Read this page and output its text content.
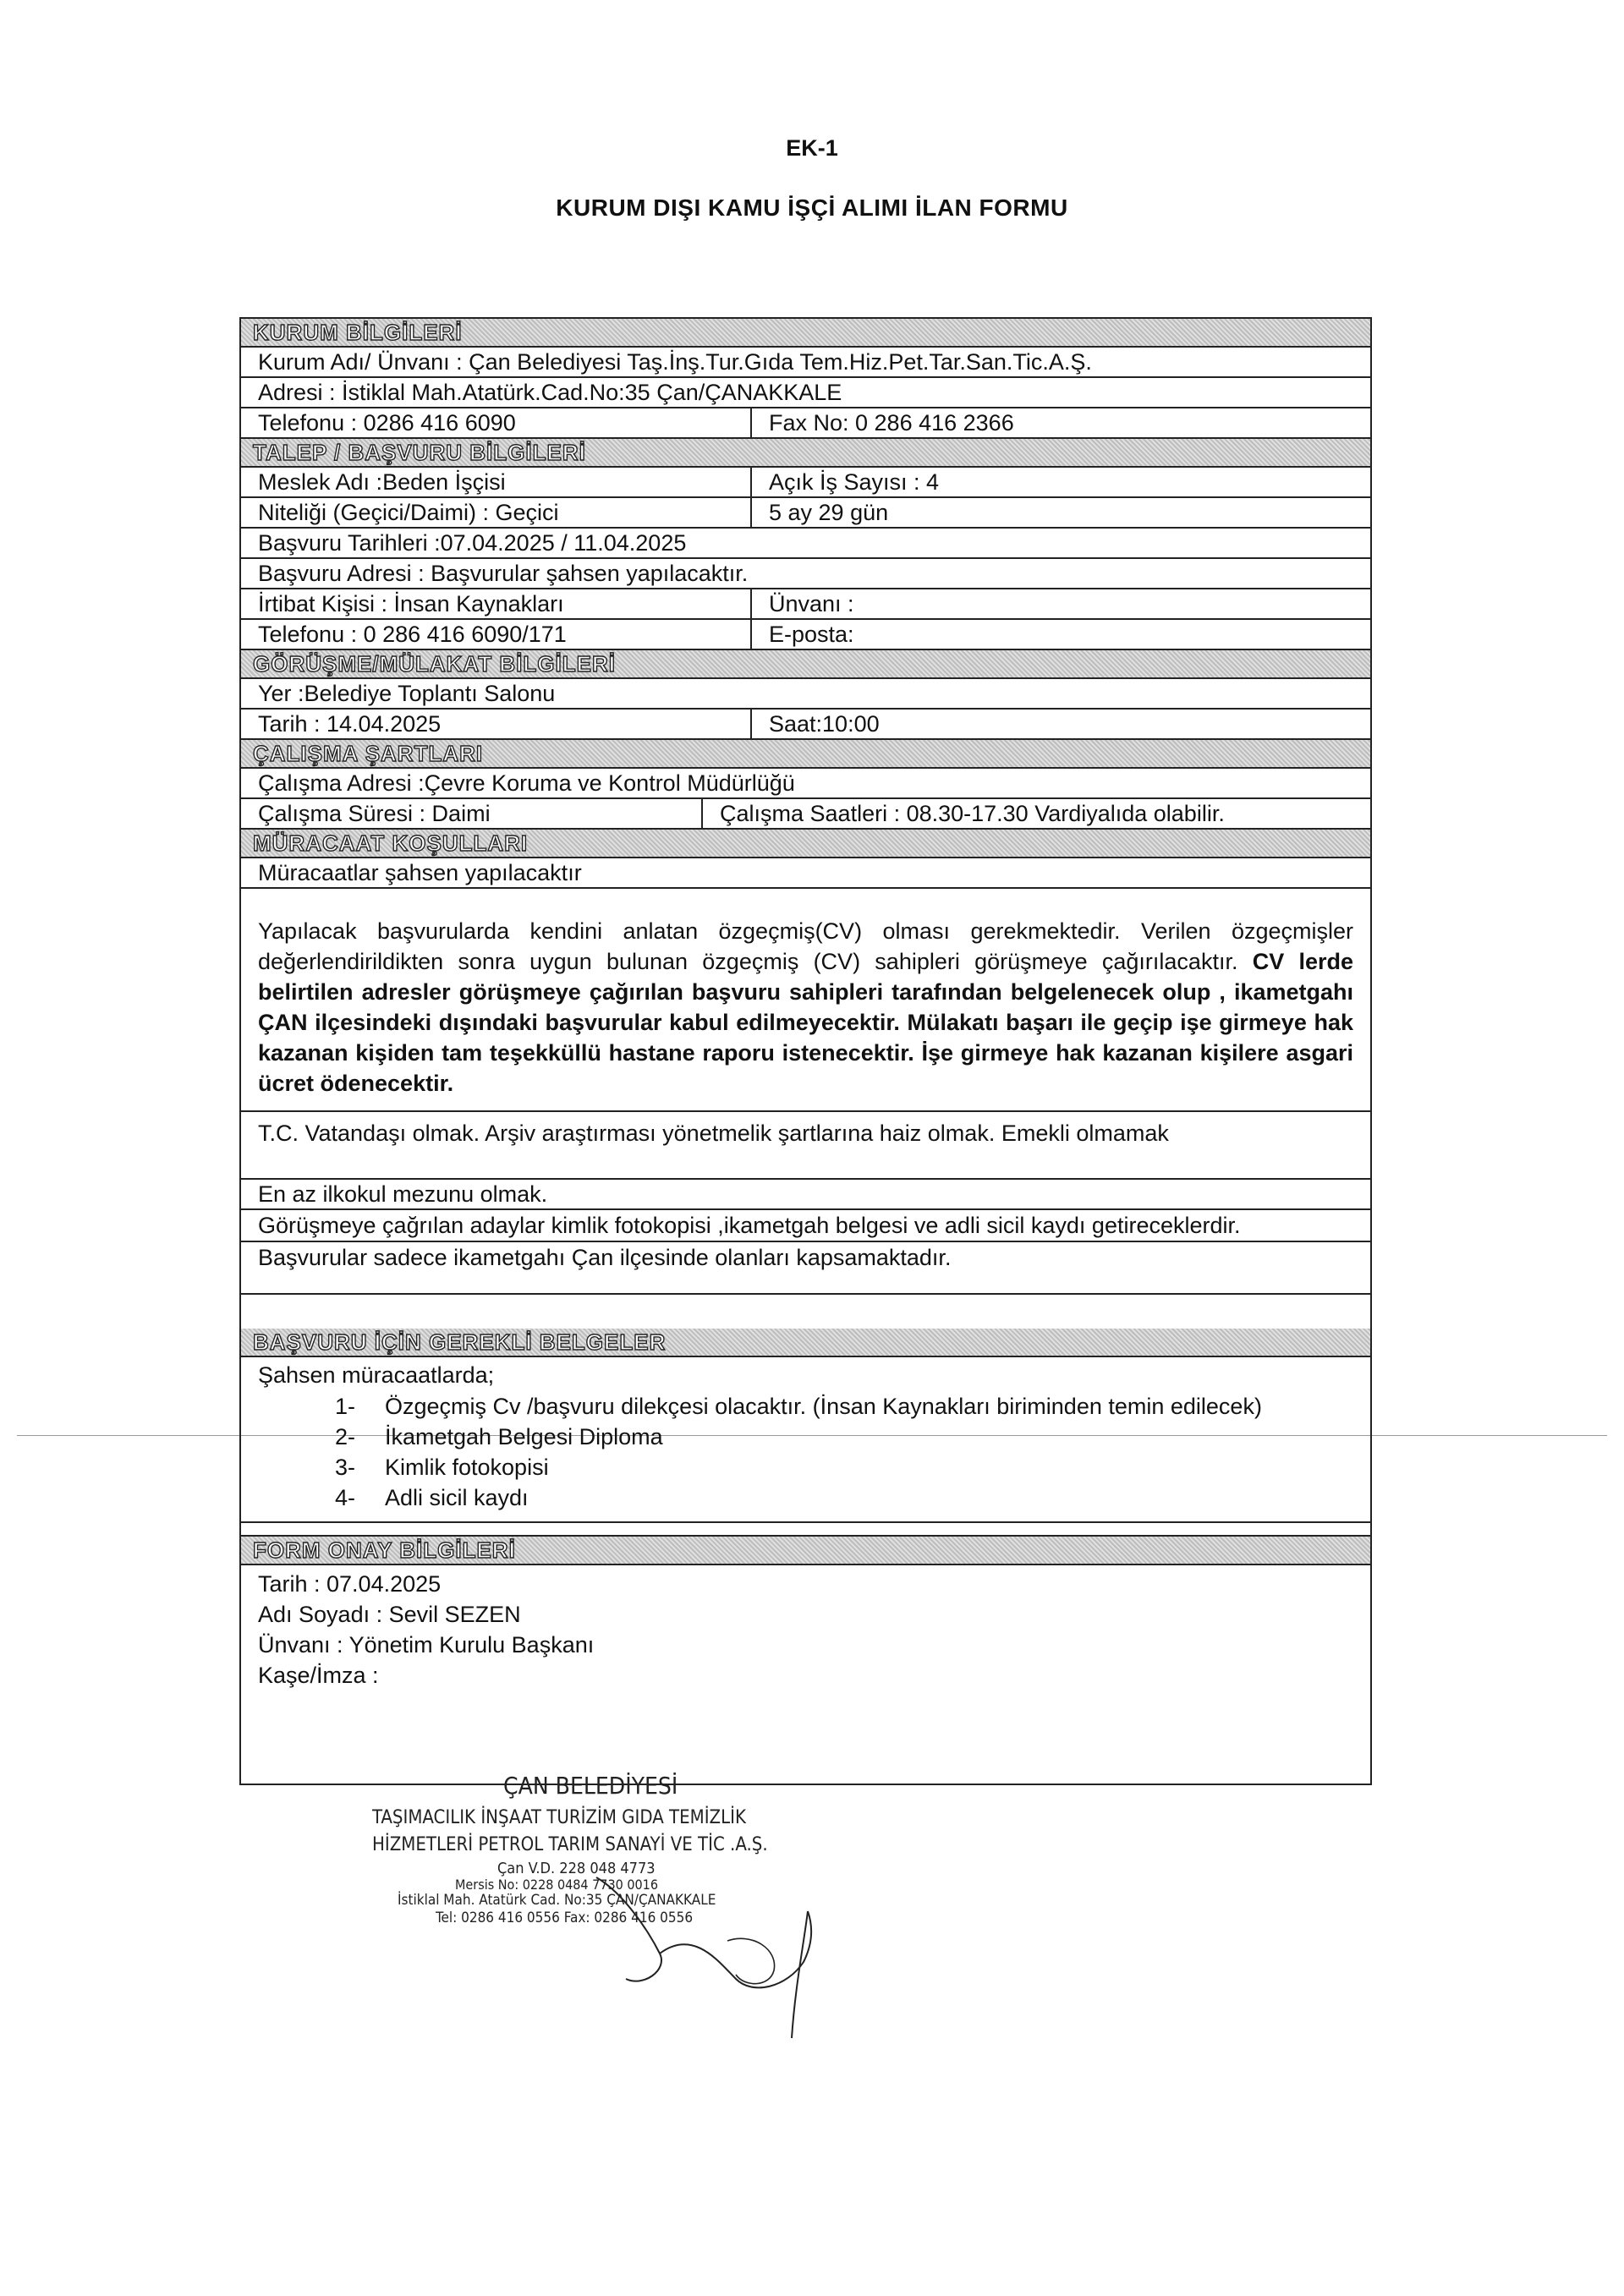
EK-1
KURUM DIŞI KAMU İŞÇİ ALIMI İLAN FORMU
KURUM BİLGİLERİ
Kurum Adı/ Ünvanı : Çan Belediyesi Taş.İnş.Tur.Gıda Tem.Hiz.Pet.Tar.San.Tic.A.Ş.
Adresi : İstiklal Mah.Atatürk.Cad.No:35 Çan/ÇANAKKALE
Telefonu : 0286 416 6090	Fax No: 0 286 416 2366
TALEP / BAŞVURU BİLGİLERİ
Meslek Adı :Beden İşçisi	Açık İş Sayısı : 4
Niteliği (Geçici/Daimi) : Geçici	5 ay 29 gün
Başvuru Tarihleri :07.04.2025 / 11.04.2025
Başvuru Adresi : Başvurular şahsen yapılacaktır.
İrtibat Kişisi : İnsan Kaynakları	Ünvanı :
Telefonu : 0 286 416 6090/171	E-posta:
GÖRÜŞME/MÜLAKAT BİLGİLERİ
Yer :Belediye Toplantı Salonu
Tarih : 14.04.2025	Saat:10:00
ÇALIŞMA ŞARTLARI
Çalışma Adresi :Çevre Koruma ve Kontrol Müdürlüğü
Çalışma Süresi : Daimi	Çalışma Saatleri : 08.30-17.30 Vardiyalıda olabilir.
MÜRACAAT KOŞULLARI
Müracaatlar şahsen yapılacaktır
Yapılacak başvurularda kendini anlatan özgeçmiş(CV) olması gerekmektedir. Verilen özgeçmişler değerlendirildikten sonra uygun bulunan özgeçmiş (CV) sahipleri görüşmeye çağırılacaktır. CV lerde belirtilen adresler görüşmeye çağırılan başvuru sahipleri tarafından belgelenecek olup , ikametgahı ÇAN ilçesindeki dışındaki başvurular kabul edilmeyecektir. Mülakatı başarı ile geçip işe girmeye hak kazanan kişiden tam teşekküllü hastane raporu istenecektir. İşe girmeye hak kazanan kişilere asgari ücret ödenecektir.
T.C. Vatandaşı olmak. Arşiv araştırması yönetmelik şartlarına haiz olmak. Emekli olmamak
En az ilkokul mezunu olmak.
Görüşmeye çağrılan adaylar kimlik fotokopisi ,ikametgah belgesi ve adli sicil kaydı getireceklerdir.
Başvurular sadece ikametgahı Çan ilçesinde olanları kapsamaktadır.
BAŞVURU İÇİN GEREKLİ BELGELER
Şahsen müracaatlarda;
1. Özgeçmiş Cv /başvuru dilekçesi olacaktır. (İnsan Kaynakları biriminden temin edilecek)
2. İkametgah Belgesi Diploma
3. Kimlik fotokopisi
4. Adli sicil kaydı
FORM ONAY BİLGİLERİ
Tarih : 07.04.2025
Adı Soyadı : Sevil SEZEN
Ünvanı : Yönetim Kurulu Başkanı
Kaşe/İmza :
ÇAN BELEDİYESİ
TAŞIMACILIK İNŞAAT TURİZİM GIDA TEMİZLİK
HİZMETLERİ PETROL TARIM SANAYİ VE TİC .A.Ş.
Çan V.D. 228 048 4773
Mersis No: 0228 0484 7730 0016
İstiklal Mah. Atatürk Cad. No:35 ÇAN/ÇANAKKALE
Tel: 0286 416 0556 Fax: 0286 416 0556
